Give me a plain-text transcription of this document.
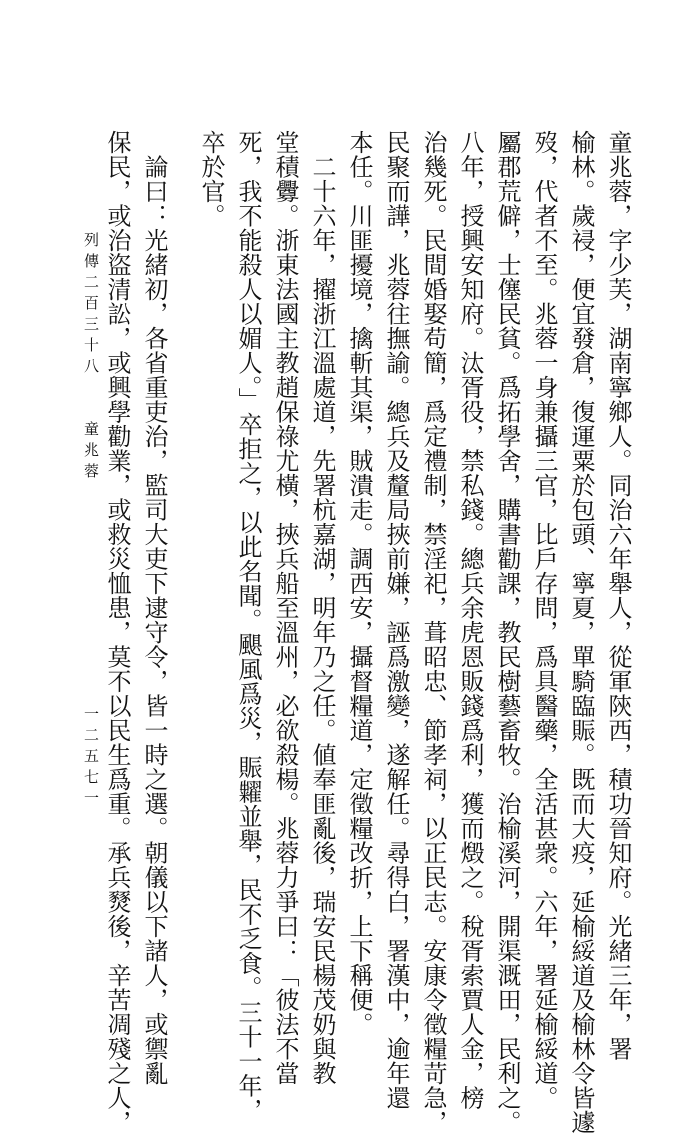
列傳二百三十八　　童兆蓉
一二五七一	童兆蓉，字少芙，湖南寧鄉人。同治六年舉人，從軍陝西，積功晉知府。光緒三年，署
榆林。歲祲，便宜發倉，復運粟於包頭、寧夏，單騎臨賑。既而大疫，延榆綏道及榆林令皆遽
歿，代者不至。兆蓉一身兼攝三官，比戶存問，爲具醫藥，全活甚衆。六年，署延榆綏道。
屬郡荒僻，士僿民貧。爲拓學舍，購書勸課，教民樹藝畜牧。治榆溪河，開渠溉田，民利之。
八年，授興安知府。汰胥役，禁私錢。總兵余虎恩販錢爲利，獲而燬之。稅胥索賈人金，榜
治幾死。民間婚娶苟簡，爲定禮制，禁淫祀，葺昭忠、節孝祠，以正民志。安康令徵糧苛急，
民聚而譁，兆蓉往撫諭。總兵及釐局挾前嫌，誣爲激變，遂解任。尋得白，署漢中，逾年還
本任。川匪擾境，擒斬其渠，賊潰走。調西安，攝督糧道，定徵糧改折，上下稱便。
　二十六年，擢浙江溫處道，先署杭嘉湖，明年乃之任。値奉匪亂後，瑞安民楊茂奶與教
堂積釁。浙東法國主教趙保祿尤橫，挾兵船至溫州，必欲殺楊。兆蓉力爭曰：「彼法不當
死，我不能殺人以媚人。」卒拒之，以此名聞。颶風爲災，賑糶並舉，民不乏食。三十一年，
卒於官。
　論曰：光緒初，各省重吏治，監司大吏下逮守令，皆一時之選。朝儀以下諸人，或禦亂
保民，或治盜清訟，或興學勸業，或救災恤患，莫不以民生爲重。承兵燹後，辛苦凋殘之人，
